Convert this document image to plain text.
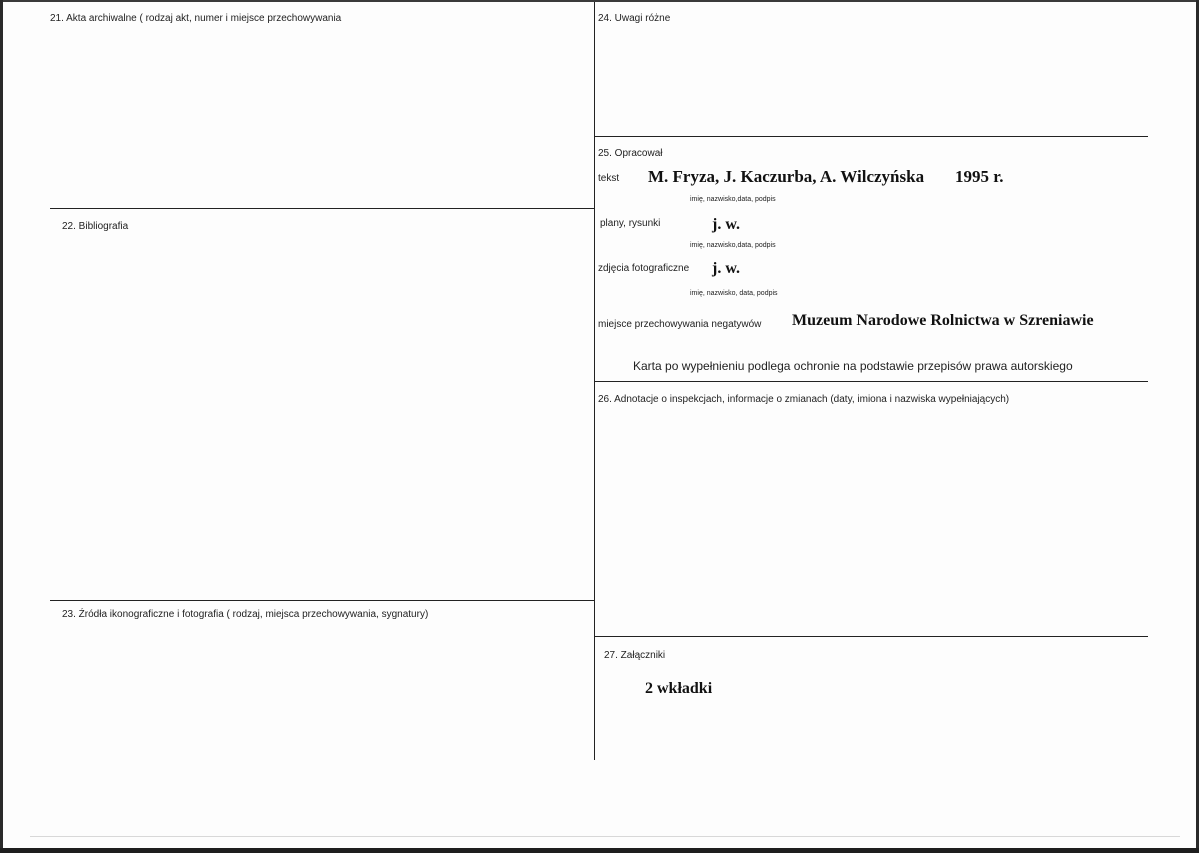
21. Akta archiwalne ( rodzaj akt, numer i miejsce przechowywania
22. Bibliografia
23. Źródła ikonograficzne i fotografia ( rodzaj, miejsca przechowywania, sygnatury)
24. Uwagi różne
25. Opracował
26. Adnotacje o inspekcjach, informacje o zmianach (daty, imiona i nazwiska wypełniających)
27. Załączniki
tekst M. Fryza, J. Kaczurba, A. Wilczyńska 1995 r.
imię, nazwisko,data, podpis
plany, rysunki	j. w.
imię, nazwisko,data, podpis
zdjęcia fotograficzne j. w.
imię, nazwisko, data, podpis
miejsce przechowywania negatywów Muzeum Narodowe Rolnictwa w Szreniawie
Karta po wypełnieniu podlega ochronie na podstawie przepisów prawa autorskiego
2 wkładki
